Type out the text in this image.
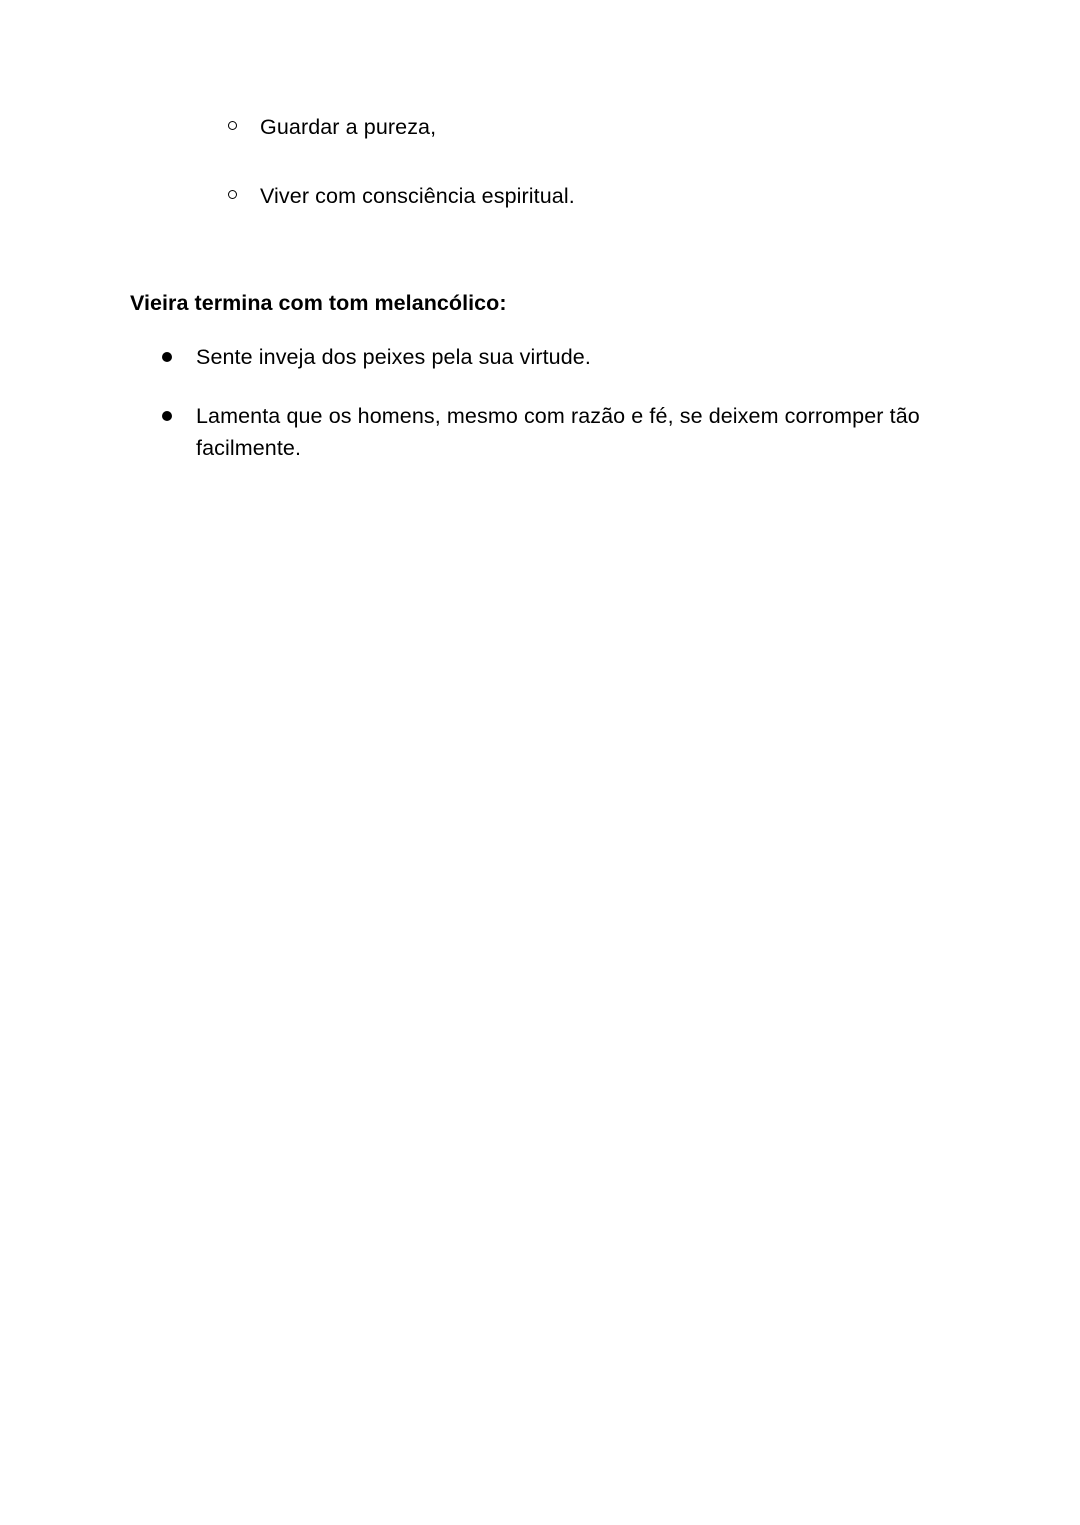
Guardar a pureza,
Viver com consciência espiritual.

Vieira termina com tom melancólico:

Sente inveja dos peixes pela sua virtude.
Lamenta que os homens, mesmo com razão e fé, se deixem corromper tão facilmente.
